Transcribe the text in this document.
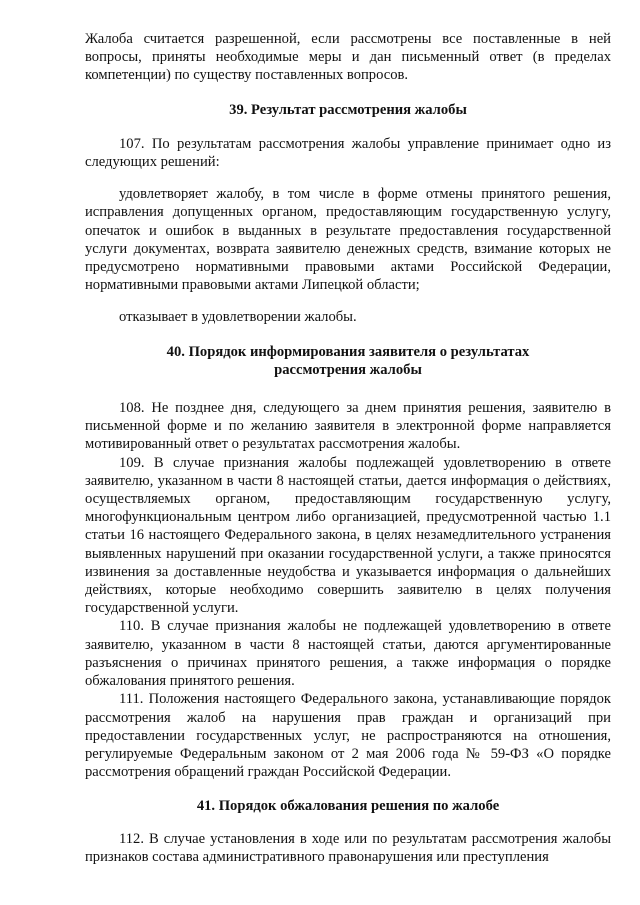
Жалоба считается разрешенной, если рассмотрены все поставленные в ней вопросы, приняты необходимые меры и дан письменный ответ (в пределах компетенции) по существу поставленных вопросов.

39. Результат рассмотрения жалобы

107. По результатам рассмотрения жалобы управление принимает одно из следующих решений:

удовлетворяет жалобу, в том числе в форме отмены принятого решения, исправления допущенных органом, предоставляющим государственную услугу, опечаток и ошибок в выданных в результате предоставления государственной услуги документах, возврата заявителю денежных средств, взимание которых не предусмотрено нормативными правовыми актами Российской Федерации, нормативными правовыми актами Липецкой области;

отказывает в удовлетворении жалобы.

40. Порядок информирования заявителя о результатах
рассмотрения жалобы

108. Не позднее дня, следующего за днем принятия решения, заявителю в письменной форме и по желанию заявителя в электронной форме направляется мотивированный ответ о результатах рассмотрения жалобы.

109. В случае признания жалобы подлежащей удовлетворению в ответе заявителю, указанном в части 8 настоящей статьи, дается информация о действиях, осуществляемых органом, предоставляющим государственную услугу, многофункциональным центром либо организацией, предусмотренной частью 1.1 статьи 16 настоящего Федерального закона, в целях незамедлительного устранения выявленных нарушений при оказании государственной услуги, а также приносятся извинения за доставленные неудобства и указывается информация о дальнейших действиях, которые необходимо совершить заявителю в целях получения государственной услуги.

110. В случае признания жалобы не подлежащей удовлетворению в ответе заявителю, указанном в части 8 настоящей статьи, даются аргументированные разъяснения о причинах принятого решения, а также информация о порядке обжалования принятого решения.

111. Положения настоящего Федерального закона, устанавливающие порядок рассмотрения жалоб на нарушения прав граждан и организаций при предоставлении государственных услуг, не распространяются на отношения, регулируемые Федеральным законом от 2 мая 2006 года № 59-ФЗ «О порядке рассмотрения обращений граждан Российской Федерации.

41. Порядок обжалования решения по жалобе

112. В случае установления в ходе или по результатам рассмотрения жалобы признаков состава административного правонарушения или преступления
